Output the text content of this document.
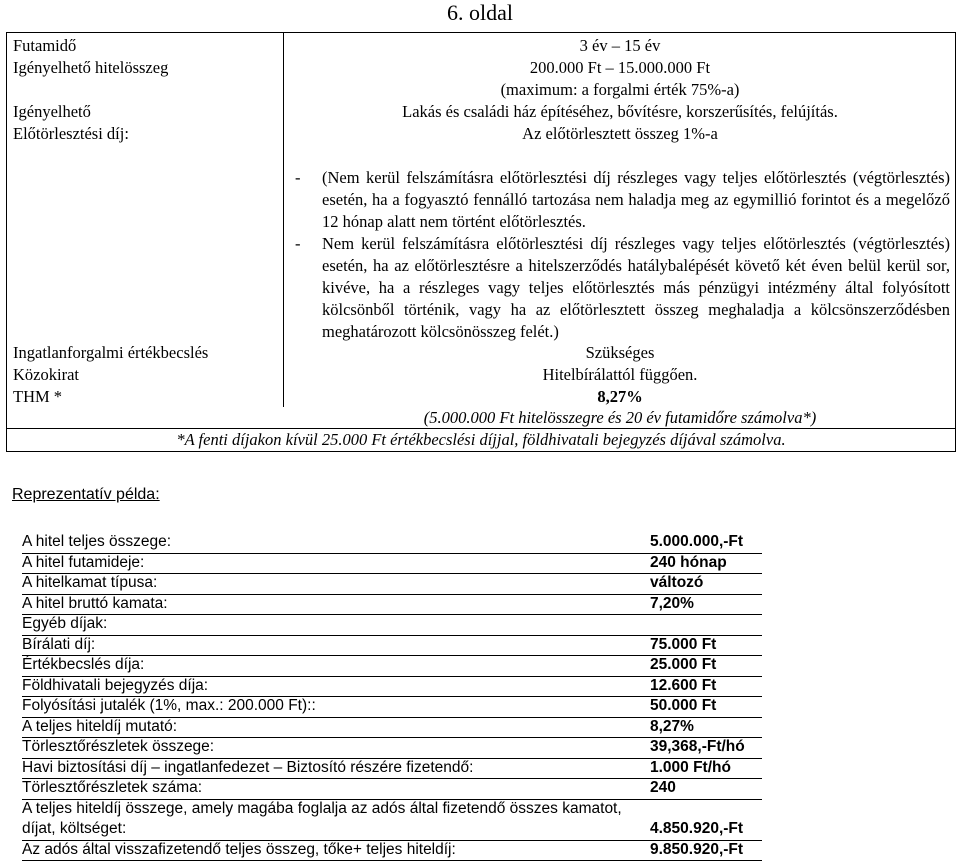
6. oldal
Futamidő	3 év – 15 év
Igényelhető hitelösszeg	200.000 Ft – 15.000.000 Ft
(maximum: a forgalmi érték 75%-a)
Igényelhető	Lakás és családi ház építéséhez, bővítésre, korszerűsítés, felújítás.
Előtörlesztési díj:	Az előtörlesztett összeg 1%-a
- (Nem kerül felszámításra előtörlesztési díj részleges vagy teljes előtörlesztés (végtörlesztés) esetén, ha a fogyasztó fennálló tartozása nem haladja meg az egymillió forintot és a megelőző 12 hónap alatt nem történt előtörlesztés.
- Nem kerül felszámításra előtörlesztési díj részleges vagy teljes előtörlesztés (végtörlesztés) esetén, ha az előtörlesztésre a hitelszerződés hatálybalépését követő két éven belül kerül sor, kivéve, ha a részleges vagy teljes előtörlesztés más pénzügyi intézmény által folyósított kölcsönből történik, vagy ha az előtörlesztett összeg meghaladja a kölcsönszerződésben meghatározott kölcsönösszeg felét.)
Ingatlanforgalmi értékbecslés	Szükséges
Közokirat	Hitelbírálattól függően.
THM *	8,27%
(5.000.000 Ft hitelösszegre és 20 év futamidőre számolva*)
*A fenti díjakon kívül 25.000 Ft értékbecslési díjjal, földhivatali bejegyzés díjával számolva.
Reprezentatív példa:
A hitel teljes összege:	5.000.000,-Ft
A hitel futamideje:	240 hónap
A hitelkamat típusa:	változó
A hitel bruttó kamata:	7,20%
Egyéb díjak:
Bírálati díj:	75.000 Ft
Értékbecslés díja:	25.000 Ft
Földhivatali bejegyzés díja:	12.600 Ft
Folyósítási jutalék (1%, max.: 200.000 Ft)::	50.000 Ft
A teljes hiteldíj mutató:	8,27%
Törlesztőrészletek összege:	39,368,-Ft/hó
Havi biztosítási díj – ingatlanfedezet – Biztosító részére fizetendő:	1.000 Ft/hó
Törlesztőrészletek száma:	240
A teljes hiteldíj összege, amely magába foglalja az adós által fizetendő összes kamatot, díjat, költséget:	4.850.920,-Ft
Az adós által visszafizetendő teljes összeg, tőke+ teljes hiteldíj:	9.850.920,-Ft
